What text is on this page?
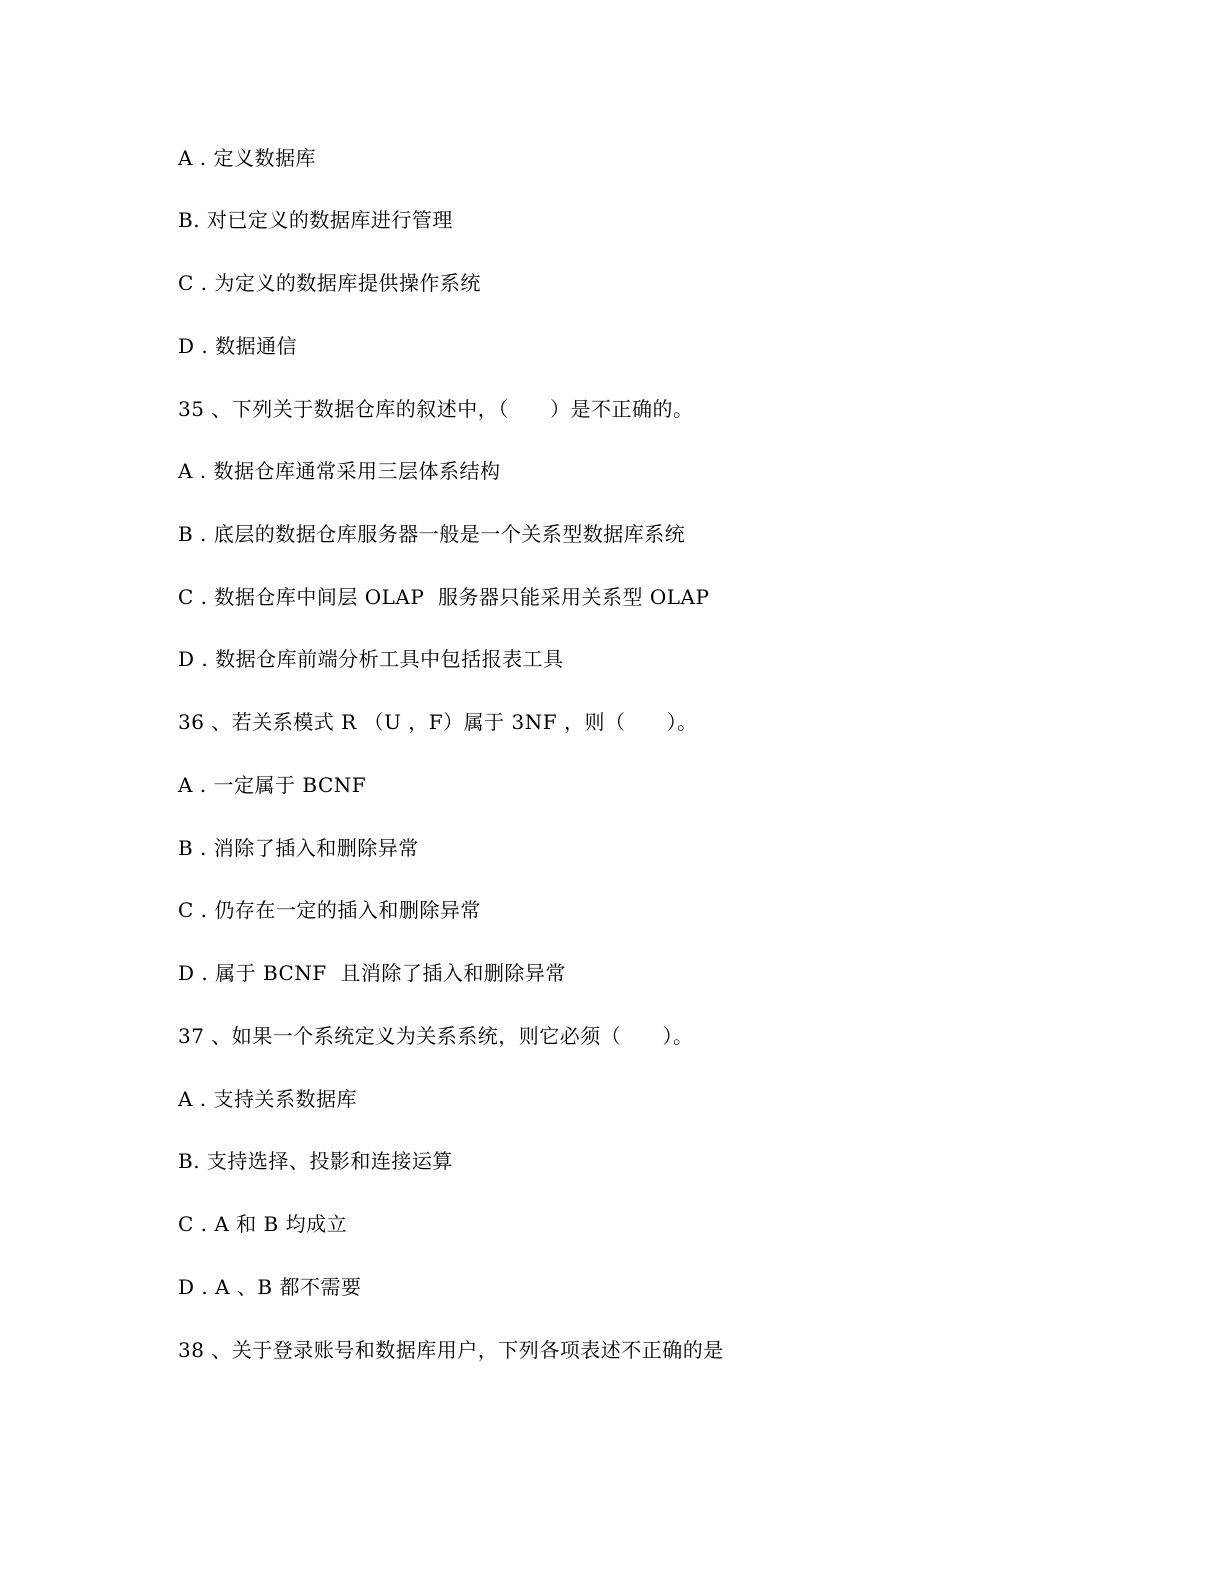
A . 定义数据库
B. 对已定义的数据库进行管理
C . 为定义的数据库提供操作系统
D . 数据通信
35 、下列关于数据仓库的叙述中，（      ）是不正确的。
A . 数据仓库通常采用三层体系结构
B . 底层的数据仓库服务器一般是一个关系型数据库系统
C . 数据仓库中间层 OLAP  服务器只能采用关系型 OLAP
D . 数据仓库前端分析工具中包括报表工具
36 、若关系模式 R （U ，F）属于 3NF ，则（      ）。
A . 一定属于 BCNF
B . 消除了插入和删除异常
C . 仍存在一定的插入和删除异常
D . 属于 BCNF  且消除了插入和删除异常
37 、如果一个系统定义为关系系统，则它必须（      ）。
A . 支持关系数据库
B. 支持选择、投影和连接运算
C . A 和 B 均成立
D . A 、B 都不需要
38 、关于登录账号和数据库用户，下列各项表述不正确的是
